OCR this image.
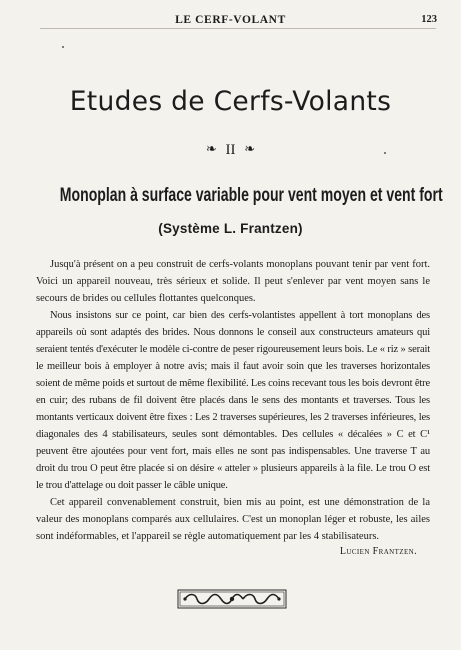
LE CERF-VOLANT	123
Etudes de Cerfs-Volants
❧ II ❧
Monoplan à surface variable pour vent moyen et vent fort
(Système L. Frantzen)

Jusqu'à présent on a peu construit de cerfs-volants monoplans pouvant tenir par vent fort. Voici un appareil nouveau, très sérieux et solide. Il peut s'enlever par vent moyen sans le secours de brides ou cellules flottantes quelconques.

Nous insistons sur ce point, car bien des cerfs-volantistes appellent à tort monoplans des appareils où sont adaptés des brides. Nous donnons le conseil aux constructeurs amateurs qui seraient tentés d'exécuter le modèle ci-contre de peser rigoureusement leurs bois. Le « riz » serait le meilleur bois à employer à notre avis; mais il faut avoir soin que les traverses horizontales soient de même poids et surtout de même flexibilité. Les coins recevant tous les bois devront être en cuir; des rubans de fil doivent être placés dans le sens des montants et traverses. Tous les montants verticaux doivent être fixes : Les 2 traverses supérieures, les 2 traverses inférieures, les diagonales des 4 stabilisateurs, seules sont démontables. Des cellules « décalées » C et C¹ peuvent être ajoutées pour vent fort, mais elles ne sont pas indispensables. Une traverse T au droit du trou O peut être placée si on désire « atteler » plusieurs appareils à la file. Le trou O est le trou d'attelage ou doit passer le câble unique.

Cet appareil convenablement construit, bien mis au point, est une démonstration de la valeur des monoplans comparés aux cellulaires. C'est un monoplan léger et robuste, les ailes sont indéformables, et l'appareil se règle automatiquement par les 4 stabilisateurs.

Lucien Frantzen.
